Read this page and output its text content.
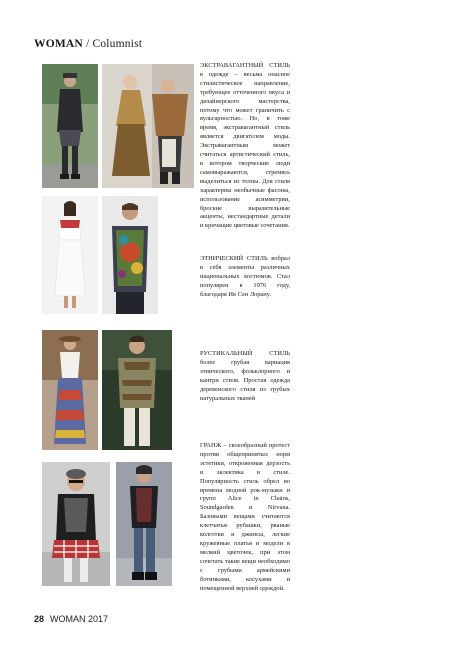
WOMAN / Columnist
ЭКСТРАВАГАНТНЫЙ СТИЛЬ в одежде – весьма опасное стилистическое направление, требующее отточенного вкуса и дизайнерского мастерства, потому что может граничить с вульгарностью. Но, в тоже время, экстравагантный стиль является двигателем моды. Экстравагантным может считаться артистический стиль, в котором творческие люди самовыражаются, стремясь выделиться из толпы. Для стиля характерны необычные фасоны, использование асимметрии, броские выразительные акценты, нестандартные детали и кричащие цветовые сочетания.
ЭТНИЧЕСКИЙ СТИЛЬ вобрал в себя элементы различных национальных костюмов. Стал популярен в 1976 году, благодаря Ив Сен Лорану.
РУСТИКАЛЬНЫЙ СТИЛЬ более грубая вариация этнического, фольклорного и кантри стиля. Простая одежда деревенского стиля из грубых натуральных тканей
ГРАНЖ – своеобразный протест против общепринятых норм эстетики, откровенная дерзость и эклектика в стиле. Популярность стиль обрел во времена модной рок-музыки и групп Alice in Chains, Soundgarden и Nirvana. Базовыми вещами считаются клетчатые рубашки, рваные колготки и джинсы, легкие кружевные платья и модели в мелкий цветочек, при этом сочетать такие вещи необходимо с грубыми армейскими ботинками, косухами и помещенной верхней одеждой.
28 WOMAN 2017
